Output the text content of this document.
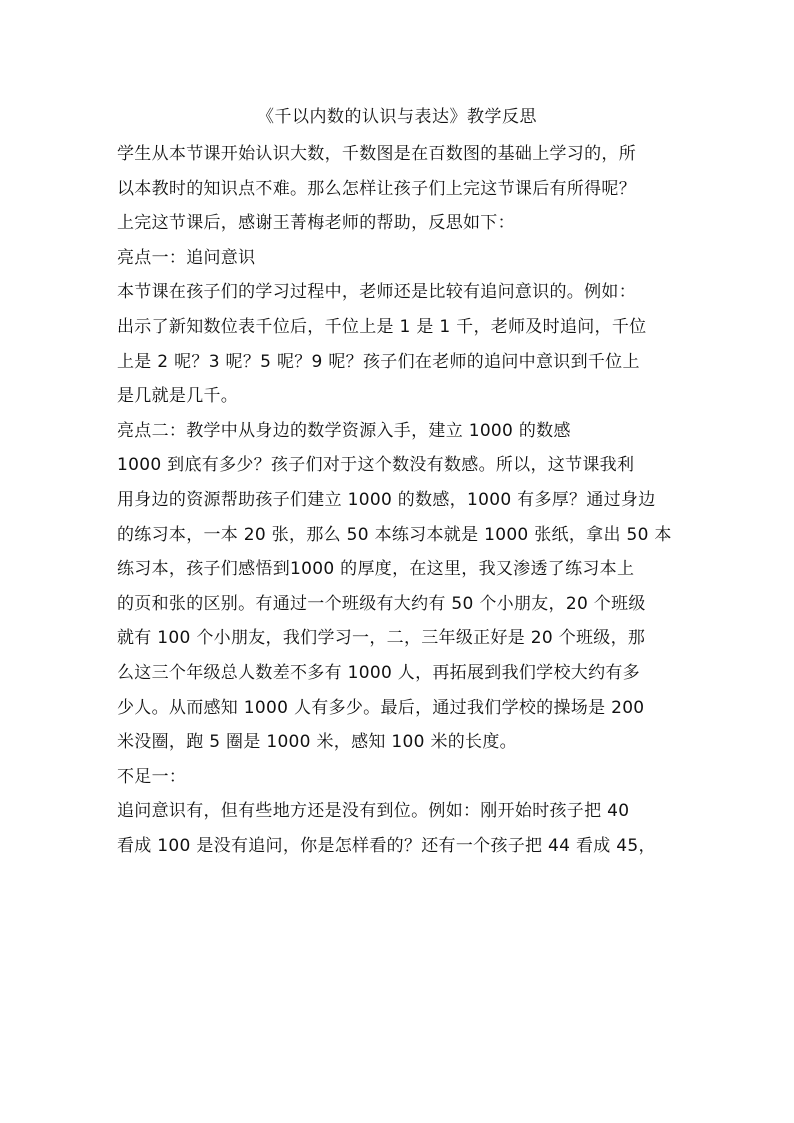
《千以内数的认识与表达》教学反思
学生从本节课开始认识大数，千数图是在百数图的基础上学习的，所
以本教时的知识点不难。那么怎样让孩子们上完这节课后有所得呢？
上完这节课后，感谢王菁梅老师的帮助，反思如下：
亮点一：追问意识
本节课在孩子们的学习过程中，老师还是比较有追问意识的。例如：
出示了新知数位表千位后，千位上是 1 是 1 千，老师及时追问，千位
上是 2 呢？3 呢？5 呢？9 呢？孩子们在老师的追问中意识到千位上
是几就是几千。
亮点二：教学中从身边的数学资源入手，建立 1000 的数感
1000 到底有多少？孩子们对于这个数没有数感。所以，这节课我利
用身边的资源帮助孩子们建立 1000 的数感，1000 有多厚？通过身边
的练习本，一本 20 张，那么 50 本练习本就是 1000 张纸，拿出 50 本
练习本，孩子们感悟到1000 的厚度，在这里，我又渗透了练习本上
的页和张的区别。有通过一个班级有大约有 50 个小朋友，20 个班级
就有 100 个小朋友，我们学习一，二，三年级正好是 20 个班级，那
么这三个年级总人数差不多有 1000 人，再拓展到我们学校大约有多
少人。从而感知 1000 人有多少。最后，通过我们学校的操场是 200
米没圈，跑 5 圈是 1000 米，感知 100 米的长度。
不足一：
追问意识有，但有些地方还是没有到位。例如：刚开始时孩子把 40
看成 100 是没有追问，你是怎样看的？还有一个孩子把 44 看成 45，
